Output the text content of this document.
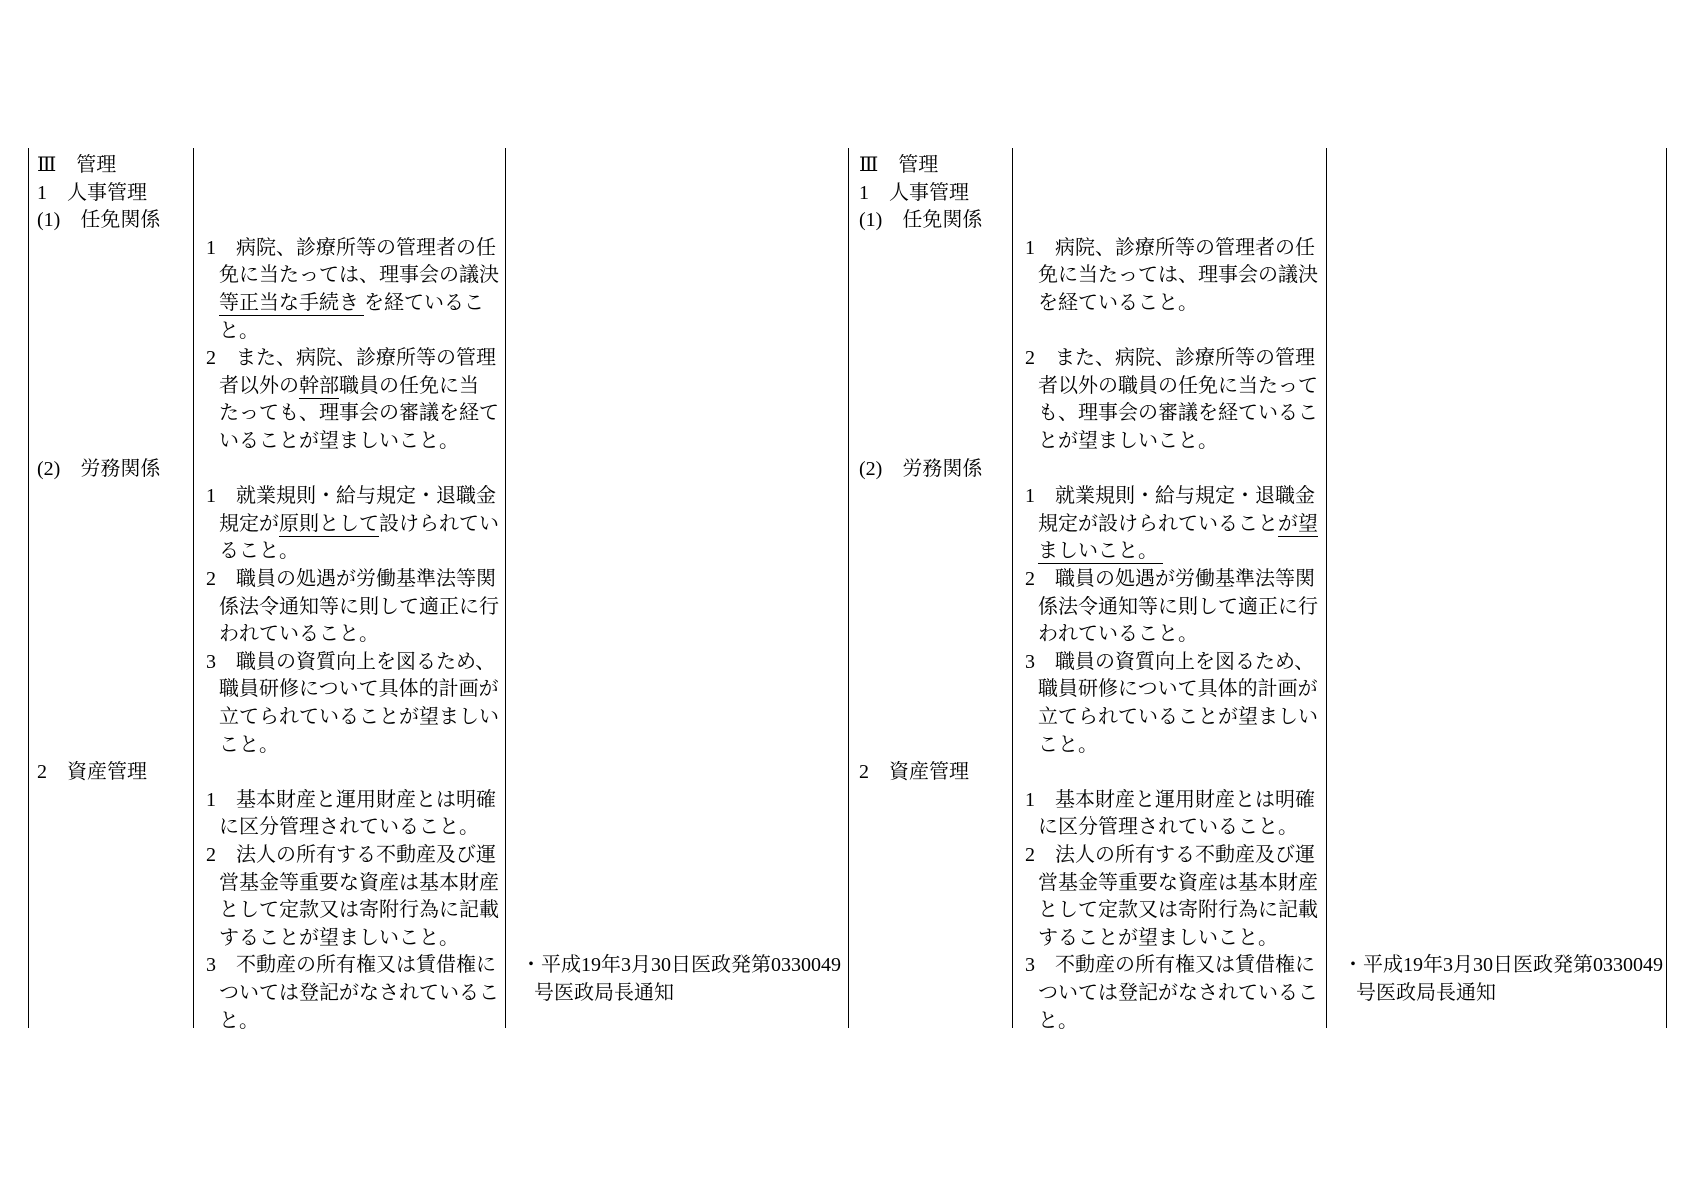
Ⅲ　管理
1　人事管理
(1)　任免関係
(2)　労務関係
2　資産管理
1　病院、診療所等の管理者の任
免に当たっては、理事会の議決
等正当な手続き を経ているこ
と。
2　また、病院、診療所等の管理
者以外の幹部職員の任免に当
たっても、理事会の審議を経て
いることが望ましいこと。
1　就業規則・給与規定・退職金
規定が原則として設けられてい
ること。
2　職員の処遇が労働基準法等関
係法令通知等に則して適正に行
われていること。
3　職員の資質向上を図るため、
職員研修について具体的計画が
立てられていることが望ましい
こと。
1　基本財産と運用財産とは明確
に区分管理されていること。
2　法人の所有する不動産及び運
営基金等重要な資産は基本財産
として定款又は寄附行為に記載
することが望ましいこと。
3　不動産の所有権又は賃借権に
ついては登記がなされているこ
と。
・平成19年3月30日医政発第0330049
号医政局長通知
Ⅲ　管理
1　人事管理
(1)　任免関係
(2)　労務関係
2　資産管理
1　病院、診療所等の管理者の任
免に当たっては、理事会の議決
を経ていること。
2　また、病院、診療所等の管理
者以外の職員の任免に当たって
も、理事会の審議を経ているこ
とが望ましいこと。
1　就業規則・給与規定・退職金
規定が設けられていることが望
ましいこと。
2　職員の処遇が労働基準法等関
係法令通知等に則して適正に行
われていること。
3　職員の資質向上を図るため、
職員研修について具体的計画が
立てられていることが望ましい
こと。
1　基本財産と運用財産とは明確
に区分管理されていること。
2　法人の所有する不動産及び運
営基金等重要な資産は基本財産
として定款又は寄附行為に記載
することが望ましいこと。
3　不動産の所有権又は賃借権に
ついては登記がなされているこ
と。
・平成19年3月30日医政発第0330049
号医政局長通知
